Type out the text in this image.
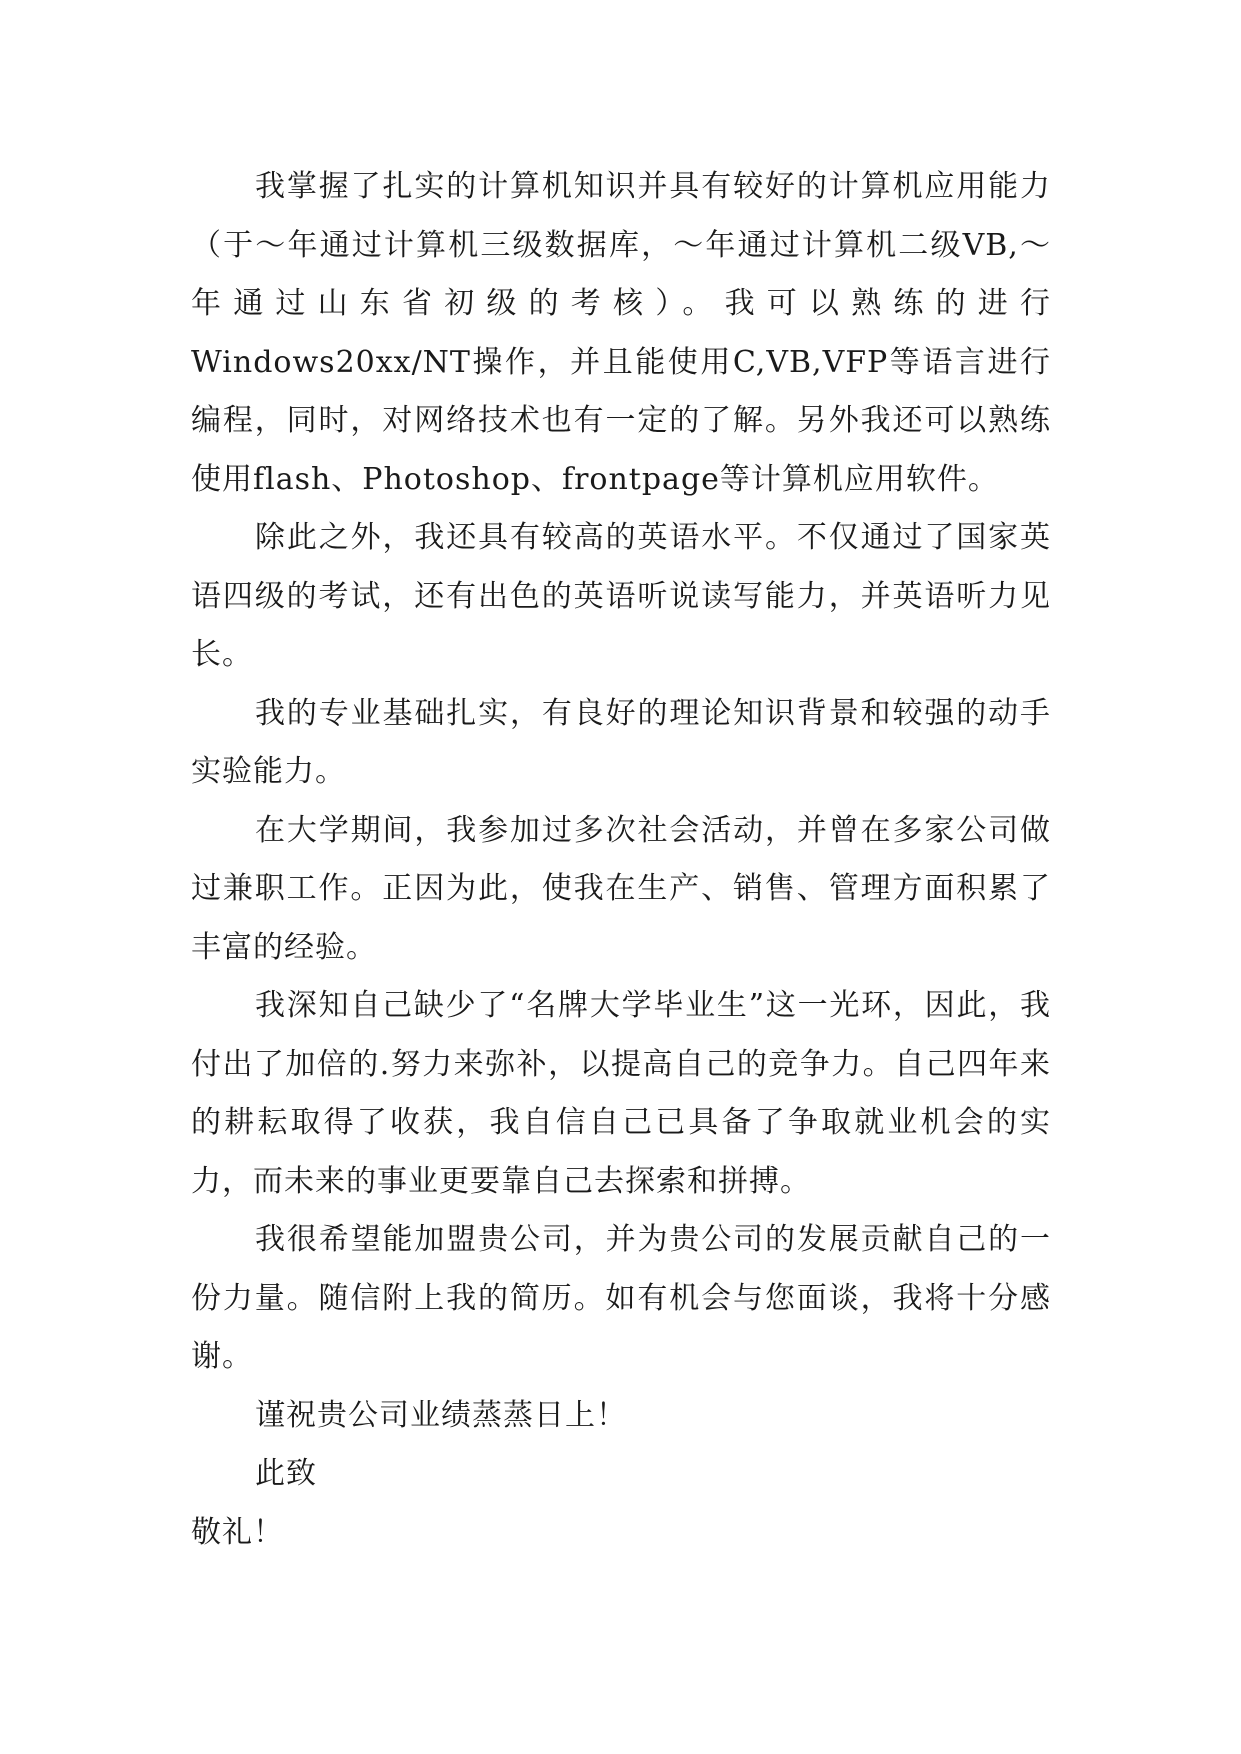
我掌握了扎实的计算机知识并具有较好的计算机应用能力（于～年通过计算机三级数据库，～年通过计算机二级VB,～年通过山东省初级的考核）。我可以熟练的进行Windows20xx/NT操作，并且能使用C,VB,VFP等语言进行编程，同时，对网络技术也有一定的了解。另外我还可以熟练使用flash、Photoshop、frontpage等计算机应用软件。

除此之外，我还具有较高的英语水平。不仅通过了国家英语四级的考试，还有出色的英语听说读写能力，并英语听力见长。

我的专业基础扎实，有良好的理论知识背景和较强的动手实验能力。

在大学期间，我参加过多次社会活动，并曾在多家公司做过兼职工作。正因为此，使我在生产、销售、管理方面积累了丰富的经验。

我深知自己缺少了“名牌大学毕业生”这一光环，因此，我付出了加倍的.努力来弥补，以提高自己的竞争力。自己四年来的耕耘取得了收获，我自信自己已具备了争取就业机会的实力，而未来的事业更要靠自己去探索和拼搏。

我很希望能加盟贵公司，并为贵公司的发展贡献自己的一份力量。随信附上我的简历。如有机会与您面谈，我将十分感谢。

谨祝贵公司业绩蒸蒸日上！

此致

敬礼！
